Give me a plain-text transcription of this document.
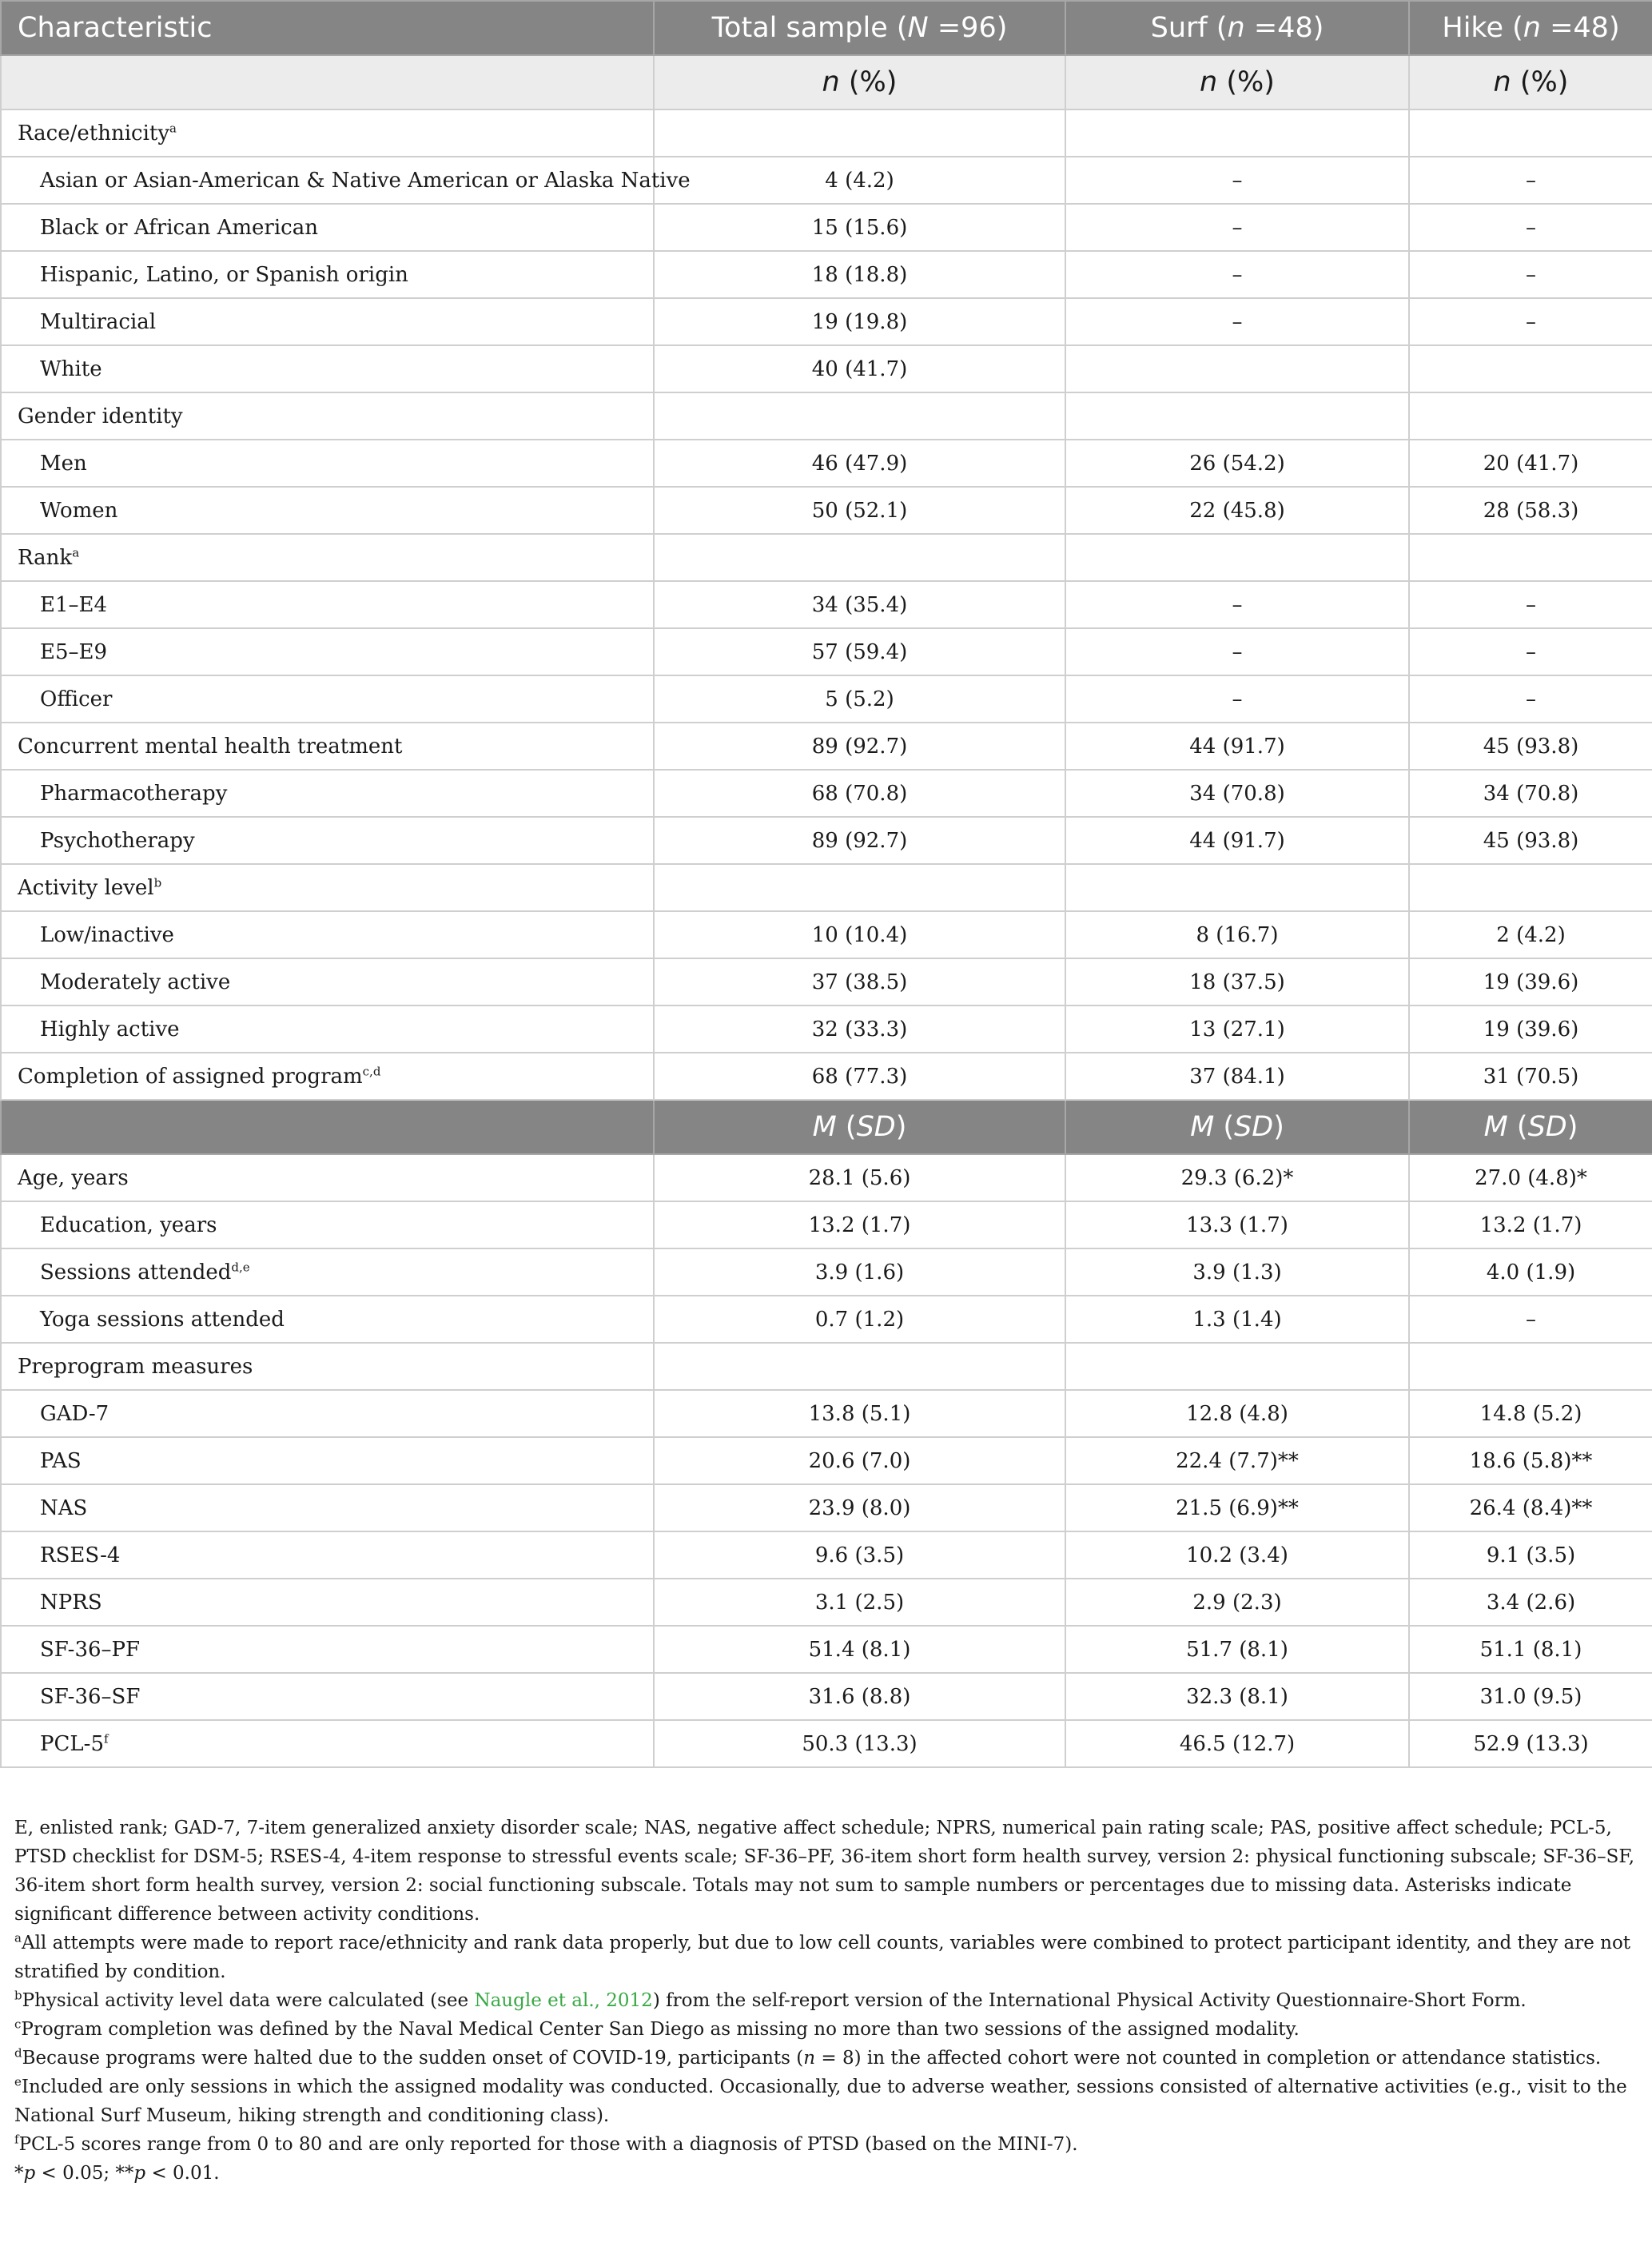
Characteristic	Total sample (N =96)	Surf (n =48)	Hike (n =48)
	n (%)	n (%)	n (%)
Race/ethnicity$^a$			
Asian or Asian-American & Native American or Alaska Native	4 (4.2)	–	–
Black or African American	15 (15.6)	–	–
Hispanic, Latino, or Spanish origin	18 (18.8)	–	–
Multiracial	19 (19.8)	–	–
White	40 (41.7)		
Gender identity			
Men	46 (47.9)	26 (54.2)	20 (41.7)
Women	50 (52.1)	22 (45.8)	28 (58.3)
Rank$^a$			
E1–E4	34 (35.4)	–	–
E5–E9	57 (59.4)	–	–
Officer	5 (5.2)	–	–
Concurrent mental health treatment	89 (92.7)	44 (91.7)	45 (93.8)
Pharmacotherapy	68 (70.8)	34 (70.8)	34 (70.8)
Psychotherapy	89 (92.7)	44 (91.7)	45 (93.8)
Activity level$^b$			
Low/inactive	10 (10.4)	8 (16.7)	2 (4.2)
Moderately active	37 (38.5)	18 (37.5)	19 (39.6)
Highly active	32 (33.3)	13 (27.1)	19 (39.6)
Completion of assigned program$^{c,d}$	68 (77.3)	37 (84.1)	31 (70.5)
	M (SD)	M (SD)	M (SD)
Age, years	28.1 (5.6)	29.3 (6.2)*	27.0 (4.8)*
Education, years	13.2 (1.7)	13.3 (1.7)	13.2 (1.7)
Sessions attended$^{d,e}$	3.9 (1.6)	3.9 (1.3)	4.0 (1.9)
Yoga sessions attended	0.7 (1.2)	1.3 (1.4)	–
Preprogram measures			
GAD-7	13.8 (5.1)	12.8 (4.8)	14.8 (5.2)
PAS	20.6 (7.0)	22.4 (7.7)**	18.6 (5.8)**
NAS	23.9 (8.0)	21.5 (6.9)**	26.4 (8.4)**
RSES-4	9.6 (3.5)	10.2 (3.4)	9.1 (3.5)
NPRS	3.1 (2.5)	2.9 (2.3)	3.4 (2.6)
SF-36–PF	51.4 (8.1)	51.7 (8.1)	51.1 (8.1)
SF-36–SF	31.6 (8.8)	32.3 (8.1)	31.0 (9.5)
PCL-5$^f$	50.3 (13.3)	46.5 (12.7)	52.9 (13.3)

E, enlisted rank; GAD-7, 7-item generalized anxiety disorder scale; NAS, negative affect schedule; NPRS, numerical pain rating scale; PAS, positive affect schedule; PCL-5, PTSD checklist for DSM-5; RSES-4, 4-item response to stressful events scale; SF-36–PF, 36-item short form health survey, version 2: physical functioning subscale; SF-36–SF, 36-item short form health survey, version 2: social functioning subscale. Totals may not sum to sample numbers or percentages due to missing data. Asterisks indicate significant difference between activity conditions.

$^a$All attempts were made to report race/ethnicity and rank data properly, but due to low cell counts, variables were combined to protect participant identity, and they are not stratified by condition.

$^b$Physical activity level data were calculated (see Naugle et al., 2012) from the self-report version of the International Physical Activity Questionnaire-Short Form.

$^c$Program completion was defined by the Naval Medical Center San Diego as missing no more than two sessions of the assigned modality.

$^d$Because programs were halted due to the sudden onset of COVID-19, participants (n = 8) in the affected cohort were not counted in completion or attendance statistics.

$^e$Included are only sessions in which the assigned modality was conducted. Occasionally, due to adverse weather, sessions consisted of alternative activities (e.g., visit to the National Surf Museum, hiking strength and conditioning class).

$^f$PCL-5 scores range from 0 to 80 and are only reported for those with a diagnosis of PTSD (based on the MINI-7).

*p < 0.05; **p < 0.01.
